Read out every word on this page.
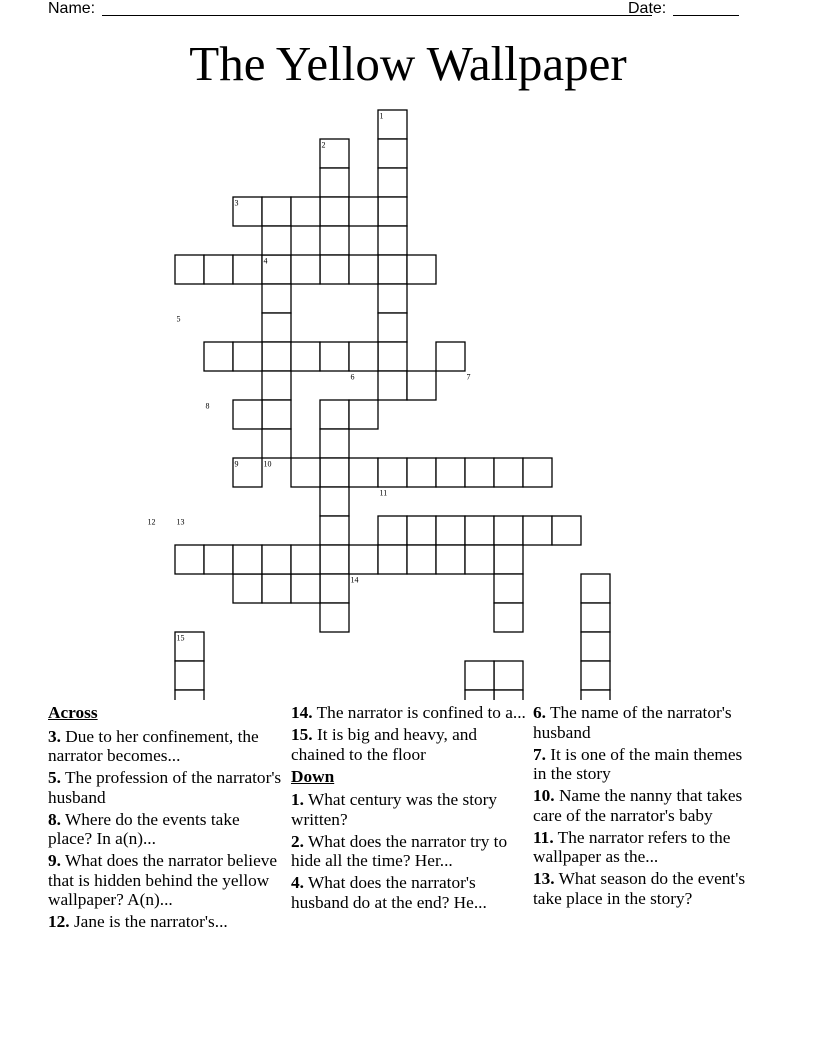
Name:	Date:
The Yellow Wallpaper
1
2
3
4
5
6	7
8
9	10
11
12	13
14
15
Across
3. Due to her confinement, the narrator becomes...
5. The profession of the narrator's husband
8. Where do the events take place? In a(n)...
9. What does the narrator believe that is hidden behind the yellow wallpaper? A(n)...
12. Jane is the narrator's...
14. The narrator is confined to a...
15. It is big and heavy, and chained to the floor
Down
1. What century was the story written?
2. What does the narrator try to hide all the time? Her...
4. What does the narrator's husband do at the end? He...
6. The name of the narrator's husband
7. It is one of the main themes in the story
10. Name the nanny that takes care of the narrator's baby
11. The narrator refers to the wallpaper as the...
13. What season do the event's take place in the story?
